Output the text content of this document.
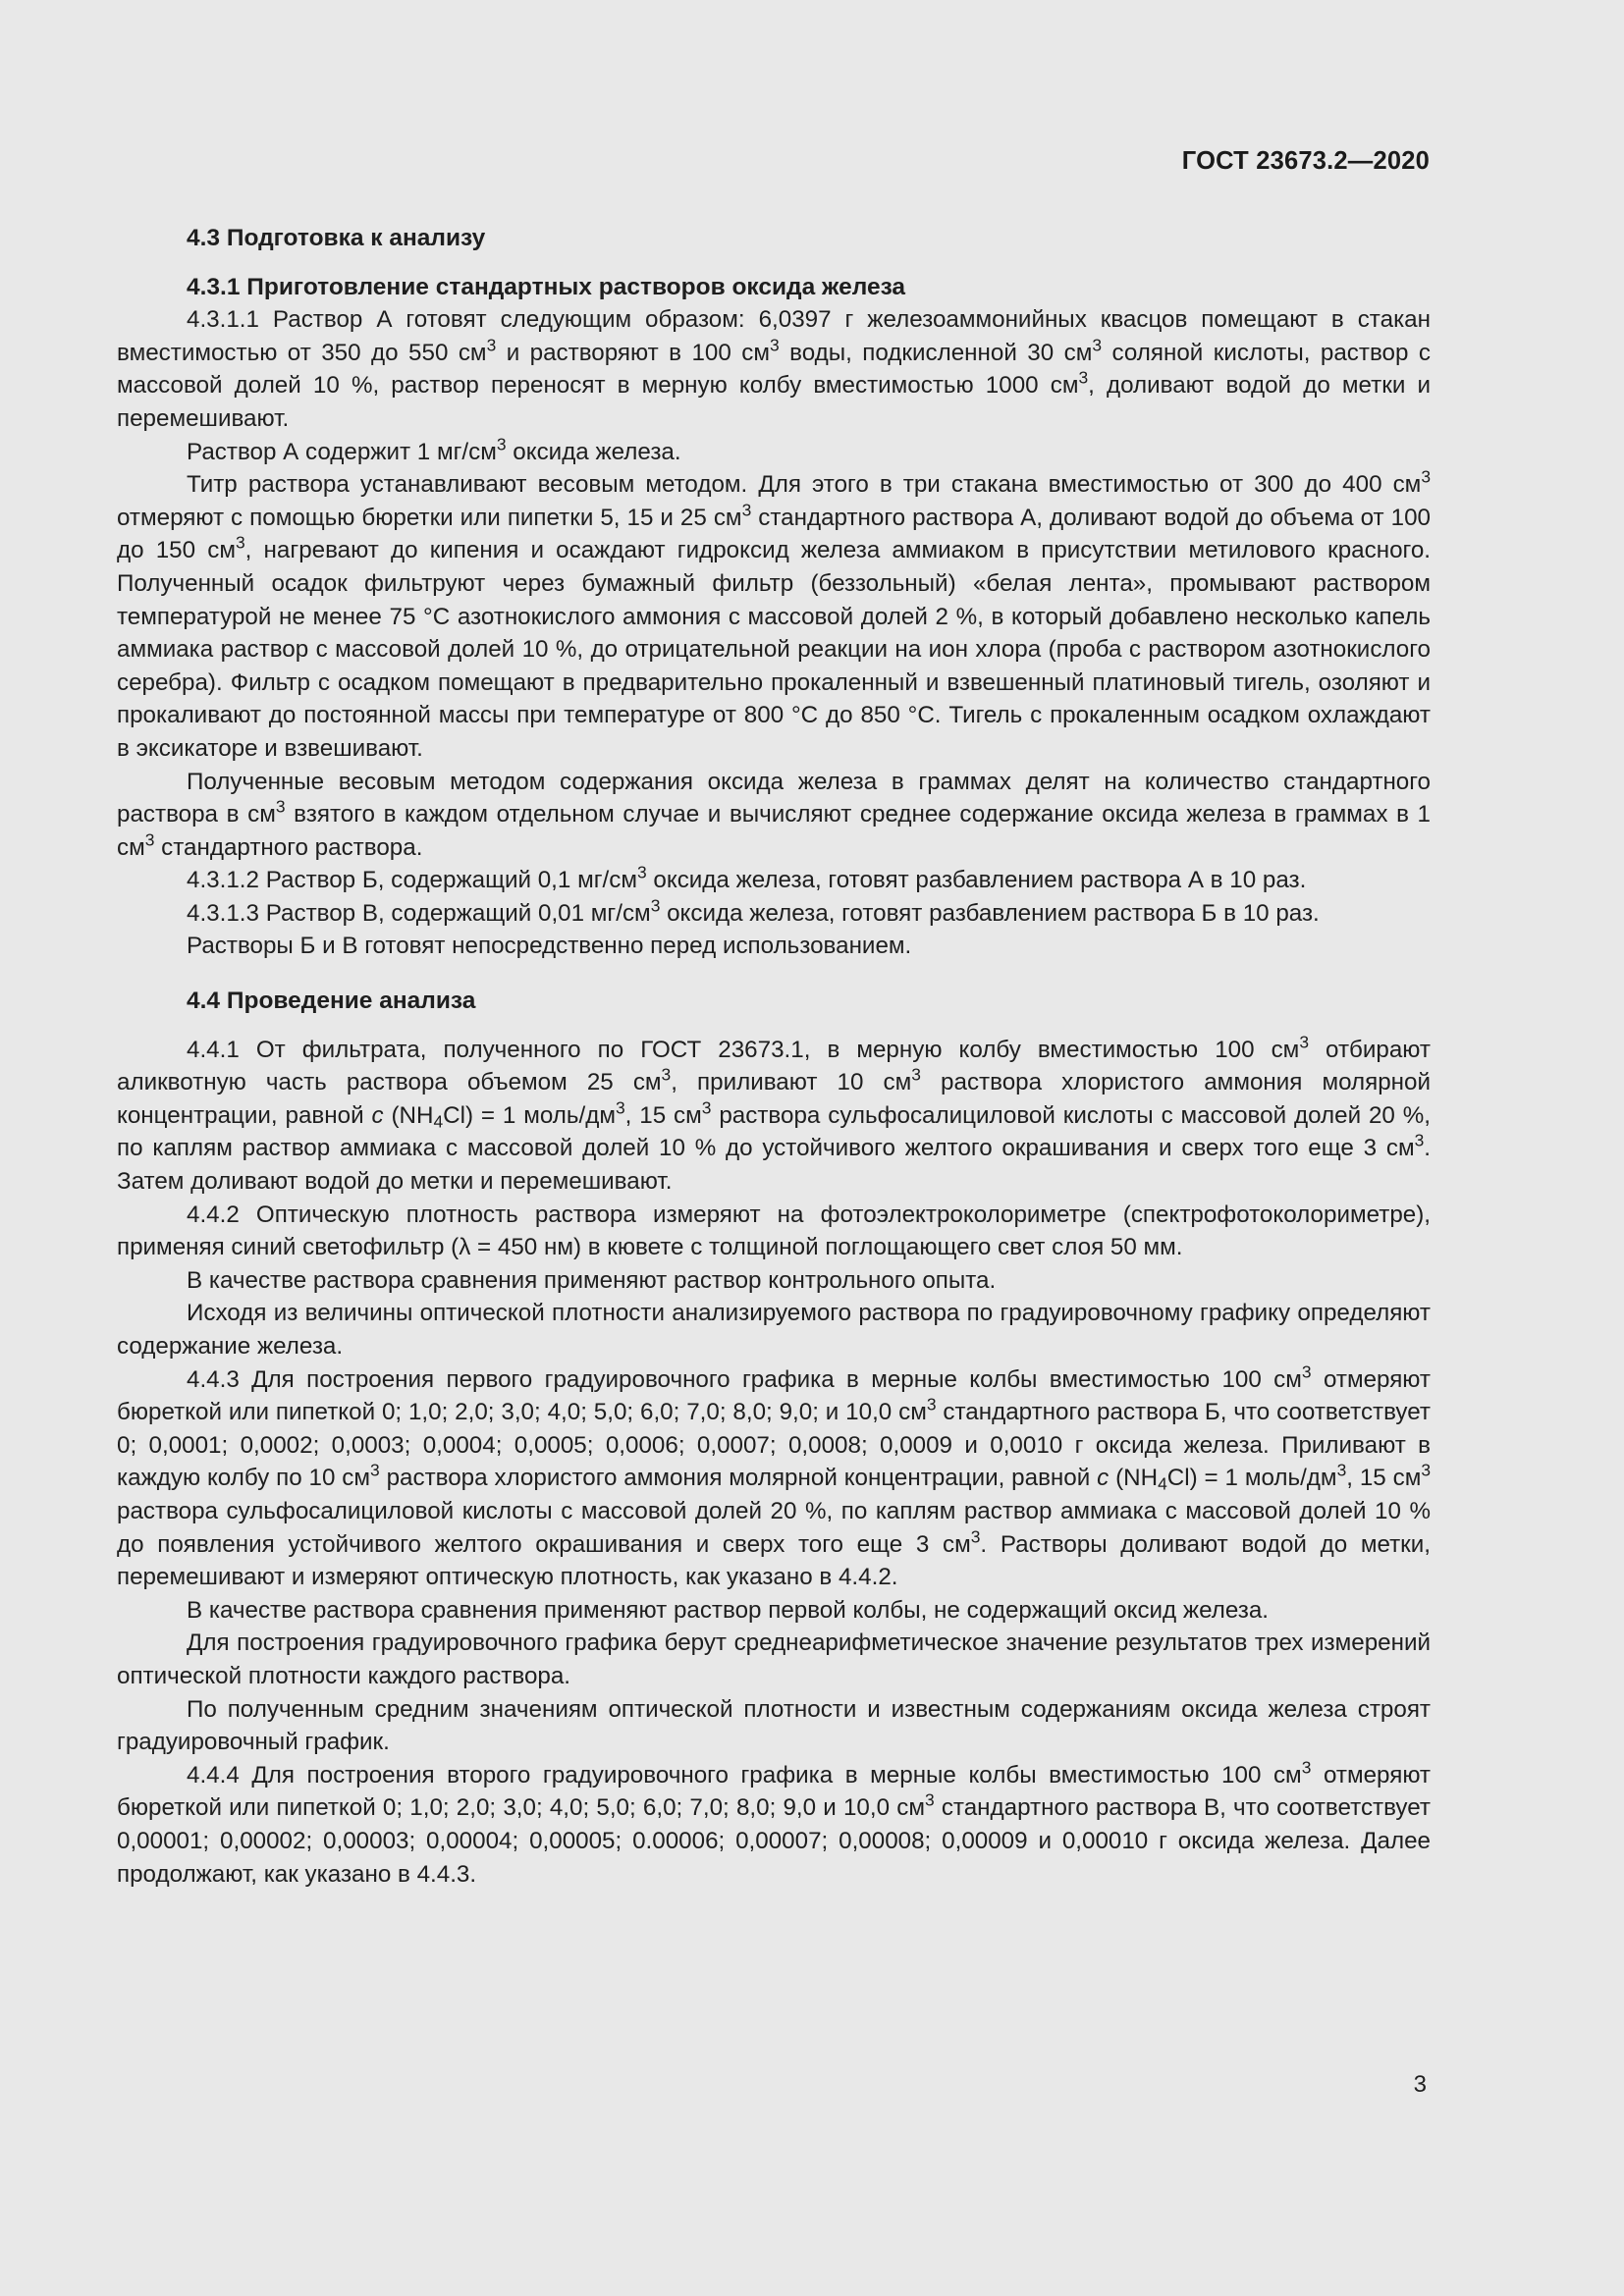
ГОСТ 23673.2—2020
4.3 Подготовка к анализу
4.3.1 Приготовление стандартных растворов оксида железа

4.3.1.1 Раствор А готовят следующим образом: 6,0397 г железоаммонийных квасцов помещают в стакан вместимостью от 350 до 550 $см^3$ и растворяют в 100 $см^3$ воды, подкисленной 30 $см^3$ соляной кислоты, раствор с массовой долей 10 %, раствор переносят в мерную колбу вместимостью 1000 $см^3$, доливают водой до метки и перемешивают.

Раствор А содержит 1 $мг/см^3$ оксида железа.

Титр раствора устанавливают весовым методом. Для этого в три стакана вместимостью от 300 до 400 $см^3$ отмеряют с помощью бюретки или пипетки 5, 15 и 25 $см^3$ стандартного раствора А, доливают водой до объема от 100 до 150 $см^3$, нагревают до кипения и осаждают гидроксид железа аммиаком в присутствии метилового красного. Полученный осадок фильтруют через бумажный фильтр (беззольный) «белая лента», промывают раствором температурой не менее 75 °С азотнокислого аммония с массовой долей 2 %, в который добавлено несколько капель аммиака раствор с массовой долей 10 %, до отрицательной реакции на ион хлора (проба с раствором азотнокислого серебра). Фильтр с осадком помещают в предварительно прокаленный и взвешенный платиновый тигель, озоляют и прокаливают до постоянной массы при температуре от 800 °С до 850 °С. Тигель с прокаленным осадком охлаждают в эксикаторе и взвешивают.

Полученные весовым методом содержания оксида железа в граммах делят на количество стандартного раствора в $см^3$ взятого в каждом отдельном случае и вычисляют среднее содержание оксида железа в граммах в 1 $см^3$ стандартного раствора.

4.3.1.2 Раствор Б, содержащий 0,1 $мг/см^3$ оксида железа, готовят разбавлением раствора А в 10 раз.

4.3.1.3 Раствор В, содержащий 0,01 $мг/см^3$ оксида железа, готовят разбавлением раствора Б в 10 раз.

Растворы Б и В готовят непосредственно перед использованием.

4.4 Проведение анализа

4.4.1 От фильтрата, полученного по ГОСТ 23673.1, в мерную колбу вместимостью 100 $см^3$ отбирают аликвотную часть раствора объемом 25 $см^3$, приливают 10 $см^3$ раствора хлористого аммония молярной концентрации, равной с $(NH_4Cl) = 1$ моль/$дм^3$, 15 $см^3$ раствора сульфосалициловой кислоты с массовой долей 20 %, по каплям раствор аммиака с массовой долей 10 % до устойчивого желтого окрашивания и сверх того еще 3 $см^3$. Затем доливают водой до метки и перемешивают.

4.4.2 Оптическую плотность раствора измеряют на фотоэлектроколориметре (спектрофотоколориметре), применяя синий светофильтр (λ = 450 нм) в кювете с толщиной поглощающего свет слоя 50 мм.

В качестве раствора сравнения применяют раствор контрольного опыта.

Исходя из величины оптической плотности анализируемого раствора по градуировочному графику определяют содержание железа.

4.4.3 Для построения первого градуировочного графика в мерные колбы вместимостью 100 $см^3$ отмеряют бюреткой или пипеткой 0; 1,0; 2,0; 3,0; 4,0; 5,0; 6,0; 7,0; 8,0; 9,0; и 10,0 $см^3$ стандартного раствора Б, что соответствует 0; 0,0001; 0,0002; 0,0003; 0,0004; 0,0005; 0,0006; 0,0007; 0,0008; 0,0009 и 0,0010 г оксида железа. Приливают в каждую колбу по 10 $см^3$ раствора хлористого аммония молярной концентрации, равной с $(NH_4Cl) = 1$ моль/$дм^3$, 15 $см^3$ раствора сульфосалициловой кислоты с массовой долей 20 %, по каплям раствор аммиака с массовой долей 10 % до появления устойчивого желтого окрашивания и сверх того еще 3 $см^3$. Растворы доливают водой до метки, перемешивают и измеряют оптическую плотность, как указано в 4.4.2.

В качестве раствора сравнения применяют раствор первой колбы, не содержащий оксид железа.

Для построения градуировочного графика берут среднеарифметическое значение результатов трех измерений оптической плотности каждого раствора.

По полученным средним значениям оптической плотности и известным содержаниям оксида железа строят градуировочный график.

4.4.4 Для построения второго градуировочного графика в мерные колбы вместимостью 100 $см^3$ отмеряют бюреткой или пипеткой 0; 1,0; 2,0; 3,0; 4,0; 5,0; 6,0; 7,0; 8,0; 9,0 и 10,0 $см^3$ стандартного раствора В, что соответствует 0,00001; 0,00002; 0,00003; 0,00004; 0,00005; 0.00006; 0,00007; 0,00008; 0,00009 и 0,00010 г оксида железа. Далее продолжают, как указано в 4.4.3.

3
